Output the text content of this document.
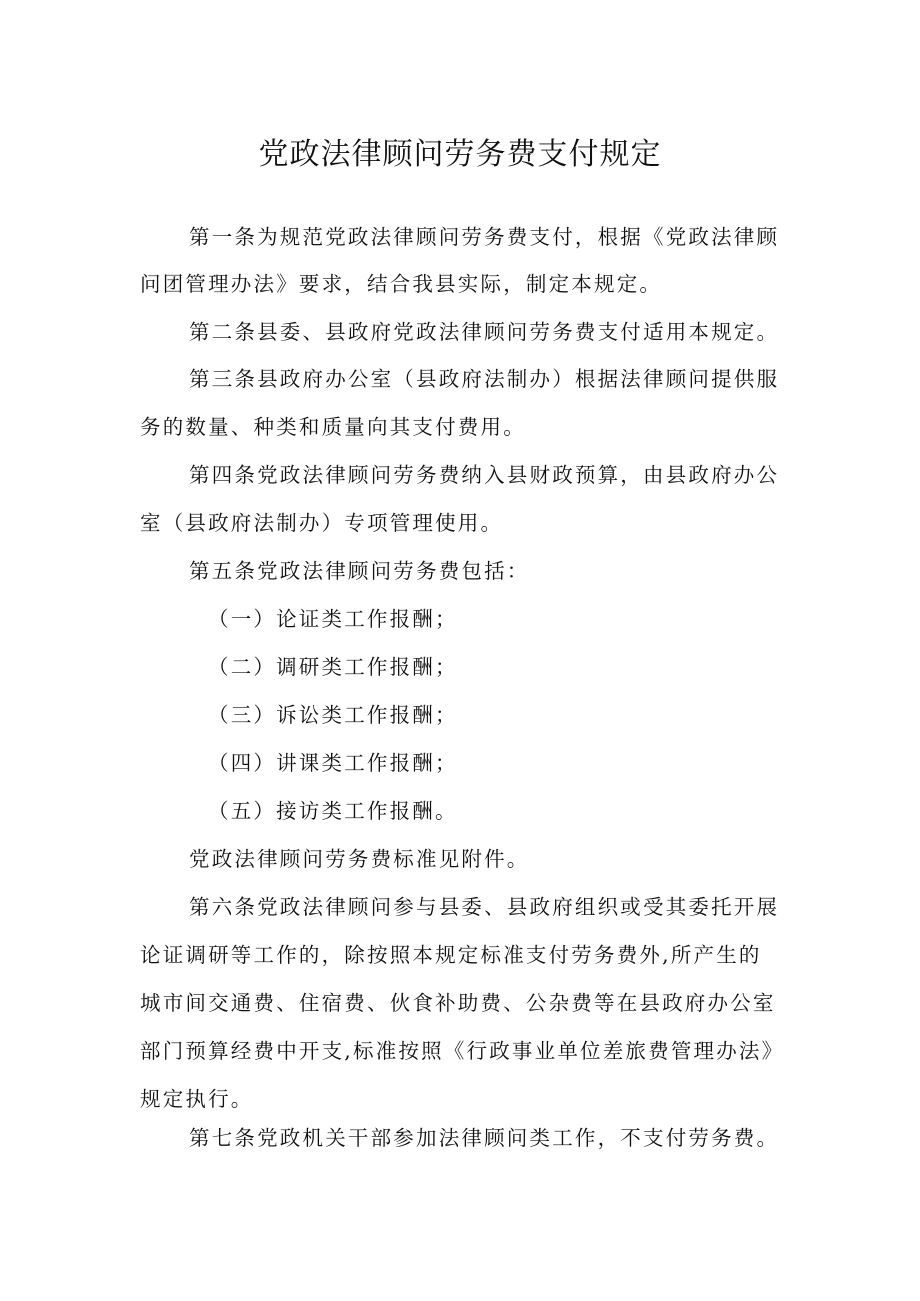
党政法律顾问劳务费支付规定
第一条为规范党政法律顾问劳务费支付，根据《党政法律顾
问团管理办法》要求，结合我县实际，制定本规定。
第二条县委、县政府党政法律顾问劳务费支付适用本规定。
第三条县政府办公室（县政府法制办）根据法律顾问提供服
务的数量、种类和质量向其支付费用。
第四条党政法律顾问劳务费纳入县财政预算，由县政府办公
室（县政府法制办）专项管理使用。
第五条党政法律顾问劳务费包括：
（一）论证类工作报酬；
（二）调研类工作报酬；
（三）诉讼类工作报酬；
（四）讲课类工作报酬；
（五）接访类工作报酬。
党政法律顾问劳务费标准见附件。
第六条党政法律顾问参与县委、县政府组织或受其委托开展
论证调研等工作的，除按照本规定标准支付劳务费外,所产生的
城市间交通费、住宿费、伙食补助费、公杂费等在县政府办公室
部门预算经费中开支,标准按照《行政事业单位差旅费管理办法》
规定执行。
第七条党政机关干部参加法律顾问类工作，不支付劳务费。
